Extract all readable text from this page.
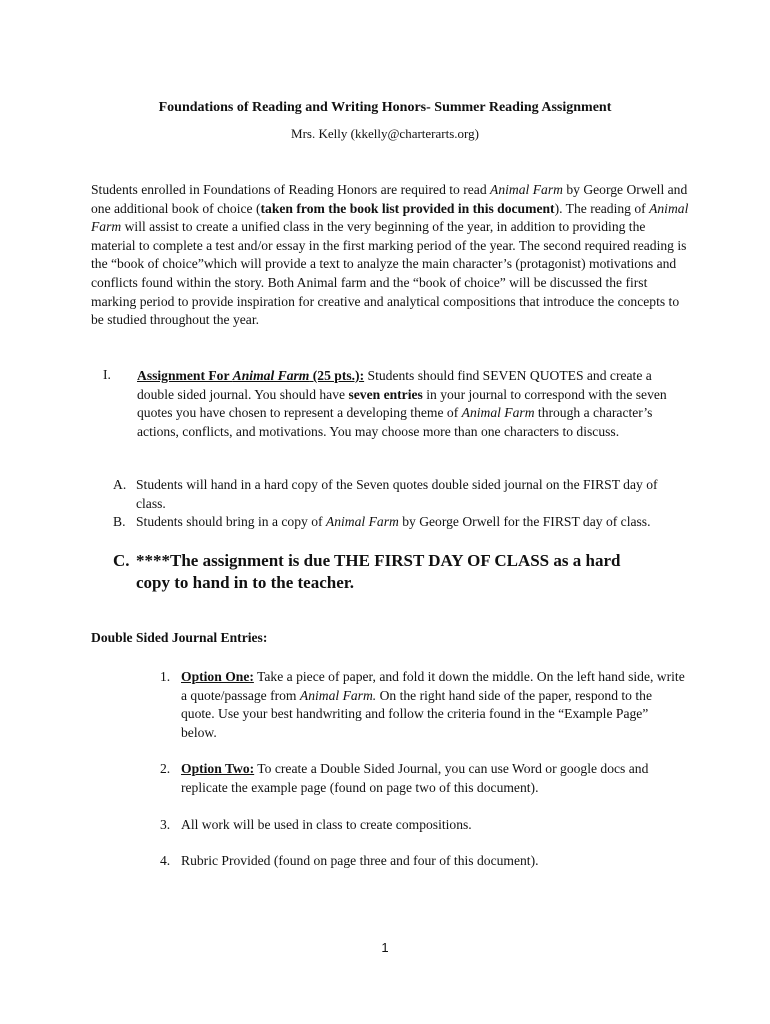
Foundations of Reading and Writing Honors- Summer Reading Assignment
Mrs. Kelly (kkelly@charterarts.org)
Students enrolled in Foundations of Reading Honors are required to read Animal Farm by George Orwell and one additional book of choice (taken from the book list provided in this document). The reading of Animal Farm will assist to create a unified class in the very beginning of the year, in addition to providing the material to complete a test and/or essay in the first marking period of the year. The second required reading is the “book of choice”which will provide a text to analyze the main character’s (protagonist) motivations and conflicts found within the story. Both Animal farm and the “book of choice” will be discussed the first marking period to provide inspiration for creative and analytical compositions that introduce the concepts to be studied throughout the year.
I. Assignment For Animal Farm (25 pts.): Students should find SEVEN QUOTES and create a double sided journal. You should have seven entries in your journal to correspond with the seven quotes you have chosen to represent a developing theme of Animal Farm through a character’s actions, conflicts, and motivations. You may choose more than one characters to discuss.
A. Students will hand in a hard copy of the Seven quotes double sided journal on the FIRST day of class.
B. Students should bring in a copy of Animal Farm by George Orwell for the FIRST day of class.
C. ****The assignment is due THE FIRST DAY OF CLASS as a hard copy to hand in to the teacher.
Double Sided Journal Entries:
1. Option One: Take a piece of paper, and fold it down the middle. On the left hand side, write a quote/passage from Animal Farm. On the right hand side of the paper, respond to the quote. Use your best handwriting and follow the criteria found in the “Example Page” below.
2. Option Two: To create a Double Sided Journal, you can use Word or google docs and replicate the example page (found on page two of this document).
3. All work will be used in class to create compositions.
4. Rubric Provided (found on page three and four of this document).
1
